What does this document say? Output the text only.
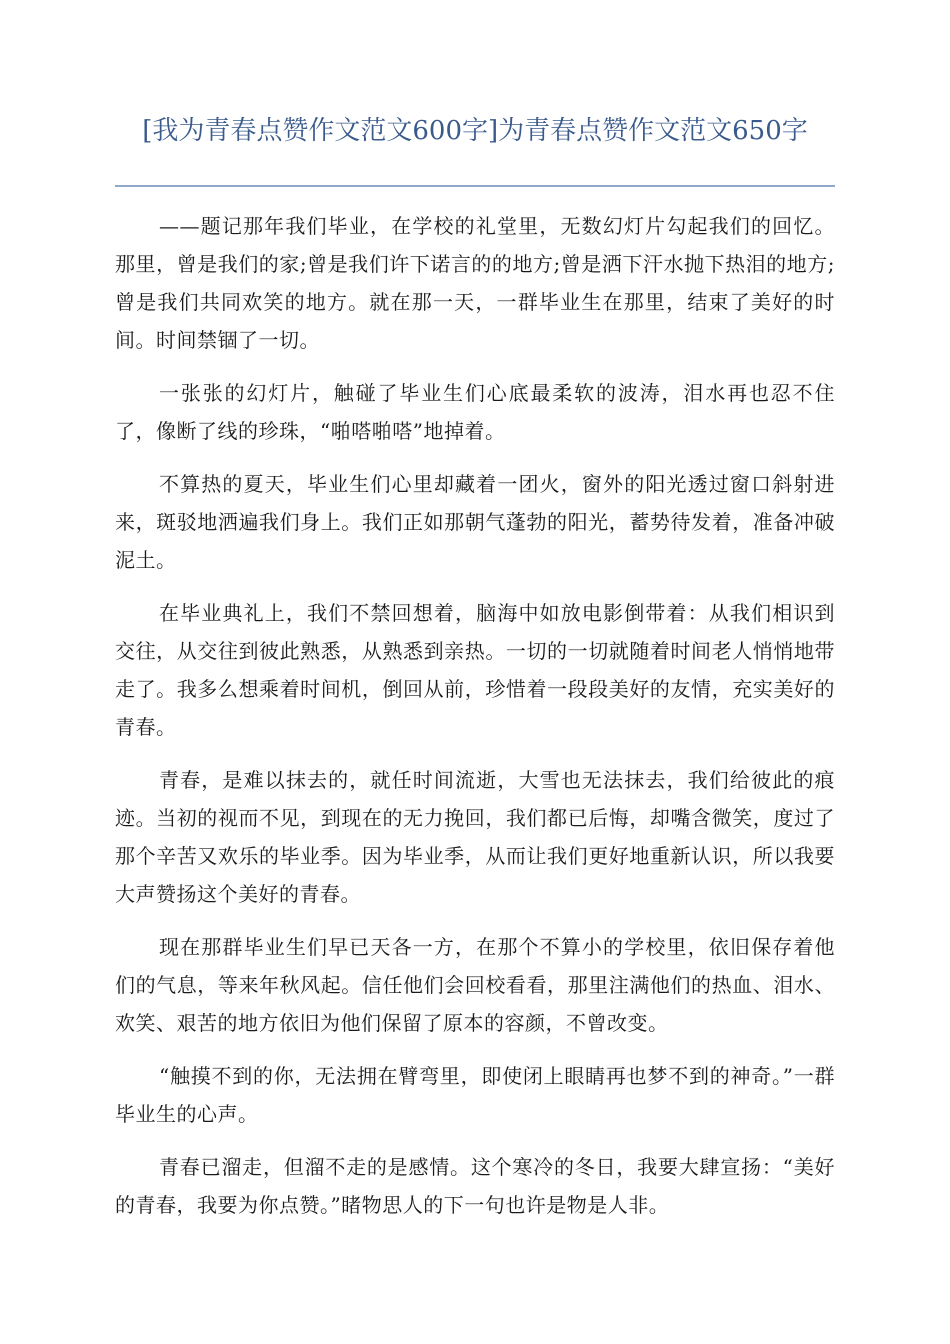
[我为青春点赞作文范文600字]为青春点赞作文范文650字

——题记那年我们毕业，在学校的礼堂里，无数幻灯片勾起我们的回忆。那里，曾是我们的家;曾是我们许下诺言的的地方;曾是洒下汗水抛下热泪的地方;曾是我们共同欢笑的地方。就在那一天，一群毕业生在那里，结束了美好的时间。时间禁锢了一切。

一张张的幻灯片，触碰了毕业生们心底最柔软的波涛，泪水再也忍不住了，像断了线的珍珠，“啪嗒啪嗒”地掉着。

不算热的夏天，毕业生们心里却藏着一团火，窗外的阳光透过窗口斜射进来，斑驳地洒遍我们身上。我们正如那朝气蓬勃的阳光，蓄势待发着，准备冲破泥土。

在毕业典礼上，我们不禁回想着，脑海中如放电影倒带着：从我们相识到交往，从交往到彼此熟悉，从熟悉到亲热。一切的一切就随着时间老人悄悄地带走了。我多么想乘着时间机，倒回从前，珍惜着一段段美好的友情，充实美好的青春。

青春，是难以抹去的，就任时间流逝，大雪也无法抹去，我们给彼此的痕迹。当初的视而不见，到现在的无力挽回，我们都已后悔，却嘴含微笑，度过了那个辛苦又欢乐的毕业季。因为毕业季，从而让我们更好地重新认识，所以我要大声赞扬这个美好的青春。

现在那群毕业生们早已天各一方，在那个不算小的学校里，依旧保存着他们的气息，等来年秋风起。信任他们会回校看看，那里注满他们的热血、泪水、欢笑、艰苦的地方依旧为他们保留了原本的容颜，不曾改变。

“触摸不到的你，无法拥在臂弯里，即使闭上眼睛再也梦不到的神奇。”一群毕业生的心声。

青春已溜走，但溜不走的是感情。这个寒冷的冬日，我要大肆宣扬：“美好的青春，我要为你点赞。”睹物思人的下一句也许是物是人非。
